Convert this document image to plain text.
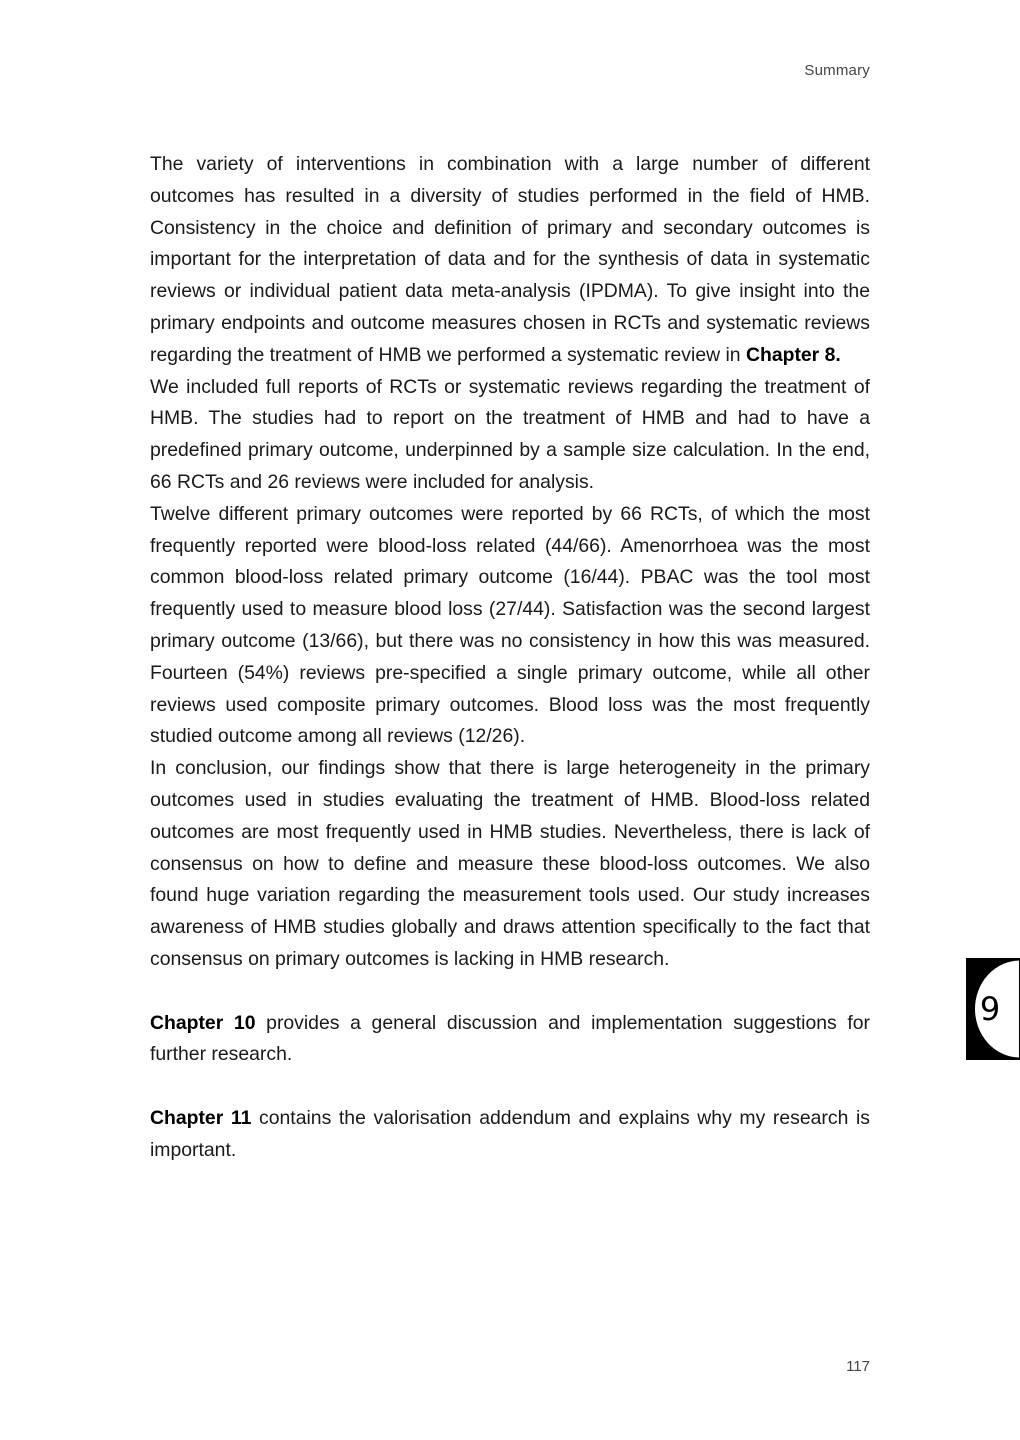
Summary

The variety of interventions in combination with a large number of different outcomes has resulted in a diversity of studies performed in the field of HMB. Consistency in the choice and definition of primary and secondary outcomes is important for the interpretation of data and for the synthesis of data in systematic reviews or individual patient data meta-analysis (IPDMA). To give insight into the primary endpoints and outcome measures chosen in RCTs and systematic reviews regarding the treatment of HMB we performed a systematic review in Chapter 8.

We included full reports of RCTs or systematic reviews regarding the treatment of HMB. The studies had to report on the treatment of HMB and had to have a predefined primary outcome, underpinned by a sample size calculation. In the end, 66 RCTs and 26 reviews were included for analysis.

Twelve different primary outcomes were reported by 66 RCTs, of which the most frequently reported were blood-loss related (44/66). Amenorrhoea was the most common blood-loss related primary outcome (16/44). PBAC was the tool most frequently used to measure blood loss (27/44). Satisfaction was the second largest primary outcome (13/66), but there was no consistency in how this was measured. Fourteen (54%) reviews pre-specified a single primary outcome, while all other reviews used composite primary outcomes. Blood loss was the most frequently studied outcome among all reviews (12/26).

In conclusion, our findings show that there is large heterogeneity in the primary outcomes used in studies evaluating the treatment of HMB. Blood-loss related outcomes are most frequently used in HMB studies. Nevertheless, there is lack of consensus on how to define and measure these blood-loss outcomes. We also found huge variation regarding the measurement tools used. Our study increases awareness of HMB studies globally and draws attention specifically to the fact that consensus on primary outcomes is lacking in HMB research.

Chapter 10 provides a general discussion and implementation suggestions for further research.

Chapter 11 contains the valorisation addendum and explains why my research is important.

9
117
